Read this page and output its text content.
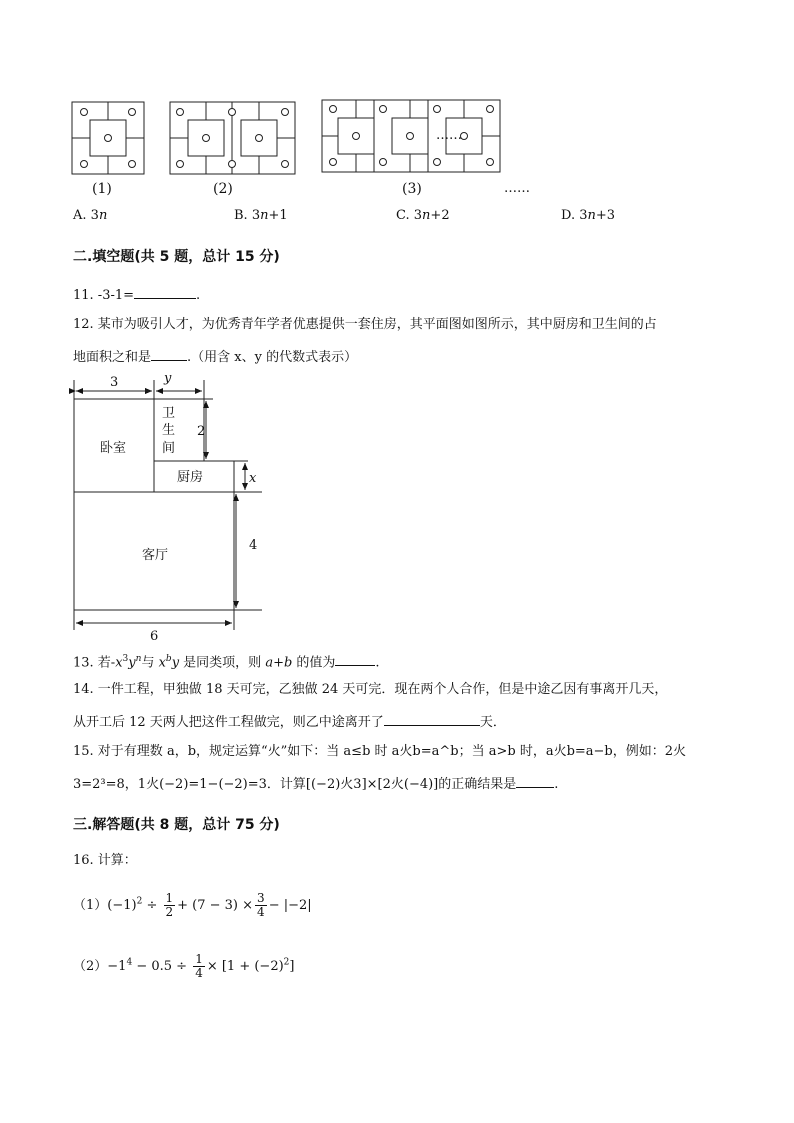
……
(1)	(2)	(3)	……
A. 3n	B. 3n+1	C. 3n+2	D. 3n+3
二.填空题(共 5 题，总计 15 分)
11. -3-1=	.
12. 某市为吸引人才，为优秀青年学者优惠提供一套住房，其平面图如图所示，其中厨房和卫生间的占
地面积之和是	.（用含 x、y 的代数式表示）
3	y
2
x
4
6
卧室
卫
生
间
厨房
客厅
13. 若$-x^3y^n$与 $x^by$ 是同类项，则 a+b 的值为	.
14. 一件工程，甲独做 18 天可完，乙独做 24 天可完．现在两个人合作，但是中途乙因有事离开几天，
从开工后 12 天两人把这件工程做完，则乙中途离开了	天．
15. 对于有理数 a，b，规定运算“火”如下：当 a≤b 时 a火b=a^b；当 a>b 时，a火b=a−b，例如：2火
3=2³=8，1火(−2)=1−(−2)=3．计算[(−2)火3]×[2火(−4)]的正确结果是	.
三.解答题(共 8 题，总计 75 分)
16. 计算：
$(1)(-1)^2 \div \frac{1}{2} + (7 - 3) \times \frac{3}{4} - |-2|$
$(2)-1^4 - 0.5 \div \frac{1}{4} \times [1 + (-2)^2]$
